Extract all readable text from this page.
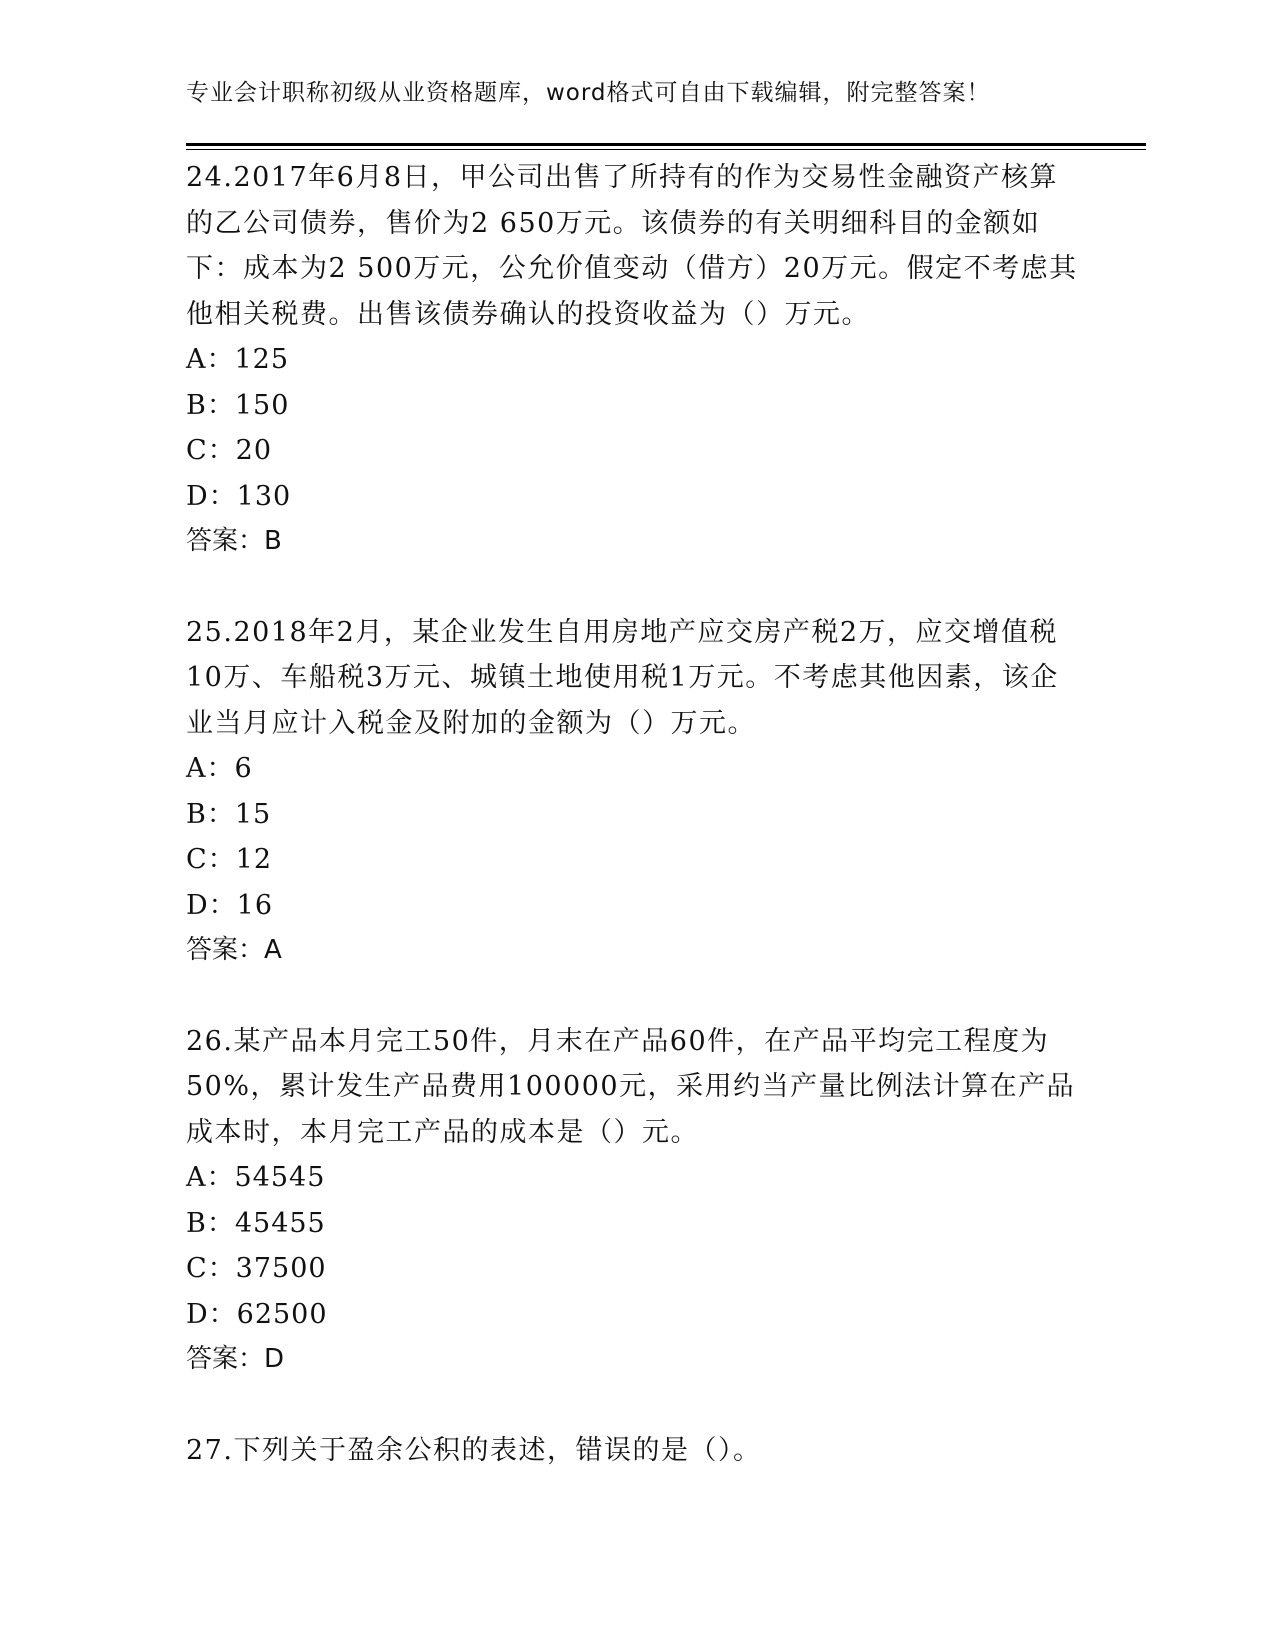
专业会计职称初级从业资格题库，word格式可自由下载编辑，附完整答案！

24.2017年6月8日，甲公司出售了所持有的作为交易性金融资产核算的乙公司债券，售价为2 650万元。该债券的有关明细科目的金额如下：成本为2 500万元，公允价值变动（借方）20万元。假定不考虑其他相关税费。出售该债券确认的投资收益为（）万元。

A：125
B：150
C：20
D：130
答案：B

25.2018年2月，某企业发生自用房地产应交房产税2万，应交增值税10万、车船税3万元、城镇土地使用税1万元。不考虑其他因素，该企业当月应计入税金及附加的金额为（）万元。

A：6
B：15
C：12
D：16
答案：A

26.某产品本月完工50件，月末在产品60件，在产品平均完工程度为50%，累计发生产品费用100000元，采用约当产量比例法计算在产品成本时，本月完工产品的成本是（）元。

A：54545
B：45455
C：37500
D：62500
答案：D

27.下列关于盈余公积的表述，错误的是（）。
